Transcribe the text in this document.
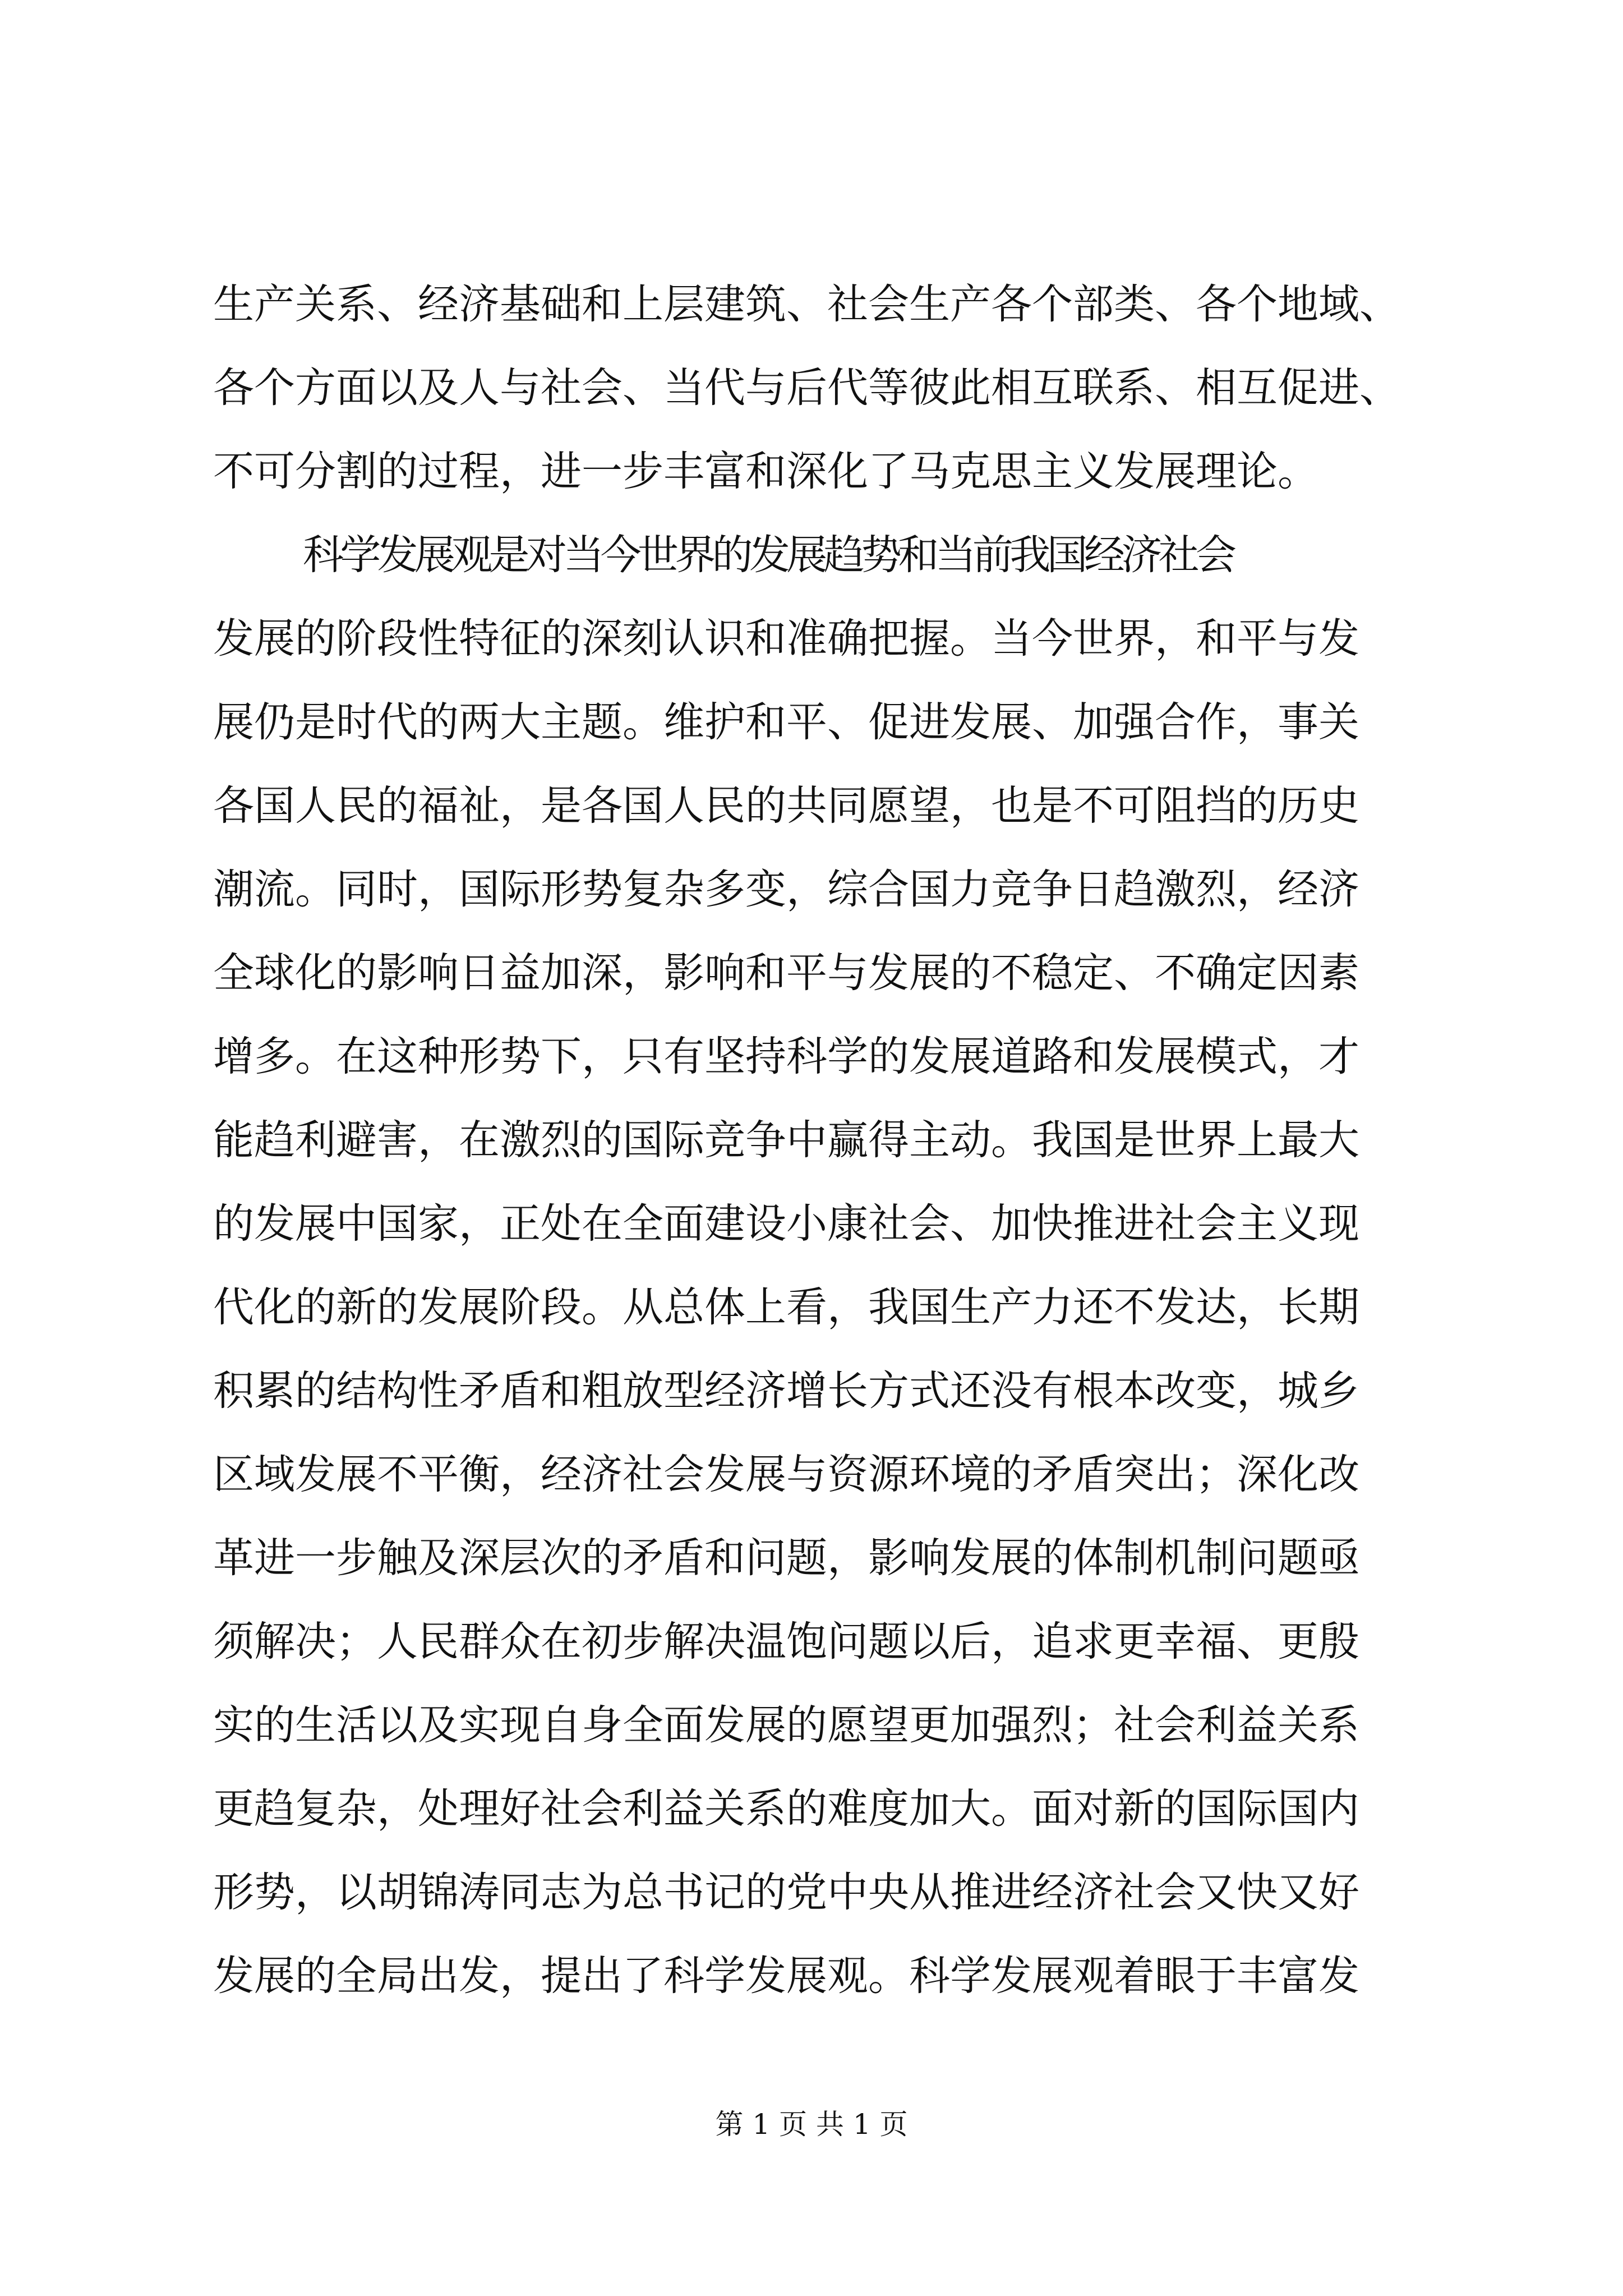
生产关系、经济基础和上层建筑、社会生产各个部类、各个地域、
各个方面以及人与社会、当代与后代等彼此相互联系、相互促进、
不可分割的过程，进一步丰富和深化了马克思主义发展理论。
科学发展观是对当今世界的发展趋势和当前我国经济社会
发展的阶段性特征的深刻认识和准确把握。当今世界，和平与发
展仍是时代的两大主题。维护和平、促进发展、加强合作，事关
各国人民的福祉，是各国人民的共同愿望，也是不可阻挡的历史
潮流。同时，国际形势复杂多变，综合国力竞争日趋激烈，经济
全球化的影响日益加深，影响和平与发展的不稳定、不确定因素
增多。在这种形势下，只有坚持科学的发展道路和发展模式，才
能趋利避害，在激烈的国际竞争中赢得主动。我国是世界上最大
的发展中国家，正处在全面建设小康社会、加快推进社会主义现
代化的新的发展阶段。从总体上看，我国生产力还不发达，长期
积累的结构性矛盾和粗放型经济增长方式还没有根本改变，城乡
区域发展不平衡，经济社会发展与资源环境的矛盾突出；深化改
革进一步触及深层次的矛盾和问题，影响发展的体制机制问题亟
须解决；人民群众在初步解决温饱问题以后，追求更幸福、更殷
实的生活以及实现自身全面发展的愿望更加强烈；社会利益关系
更趋复杂，处理好社会利益关系的难度加大。面对新的国际国内
形势，以胡锦涛同志为总书记的党中央从推进经济社会又快又好
发展的全局出发，提出了科学发展观。科学发展观着眼于丰富发
第 1 页 共 1 页
